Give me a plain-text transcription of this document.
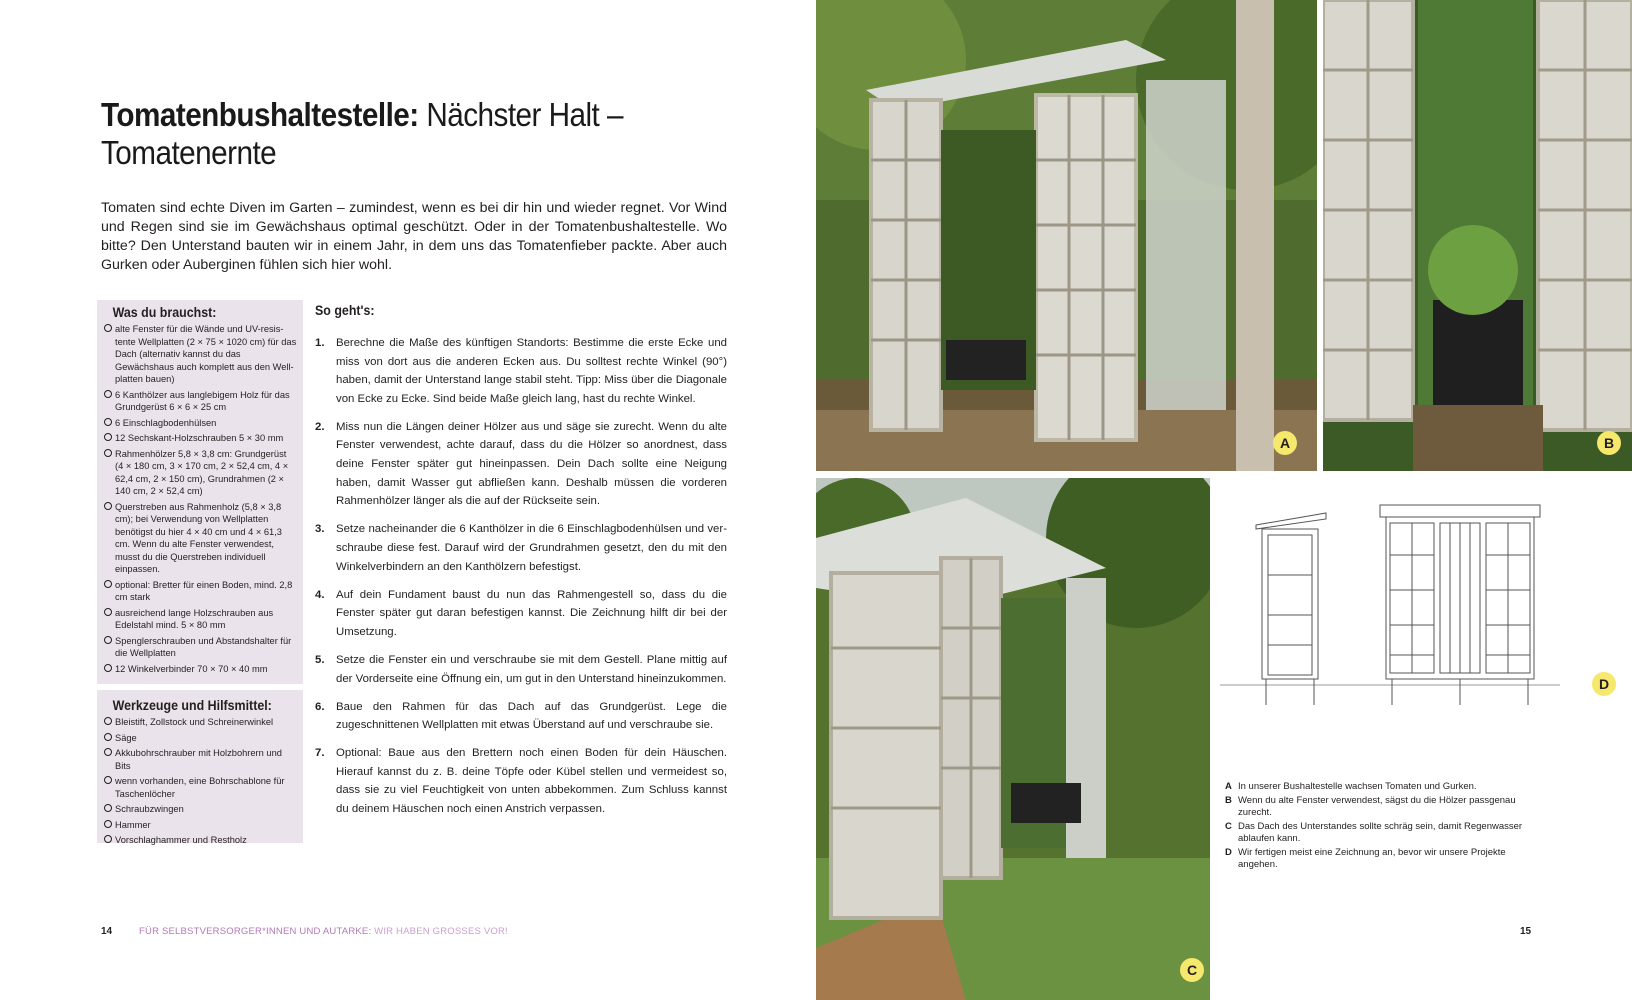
Tomatenbushaltestelle: Nächster Halt – Tomatenernte

Tomaten sind echte Diven im Garten – zumindest, wenn es bei dir hin und wieder regnet. Vor Wind und Regen sind sie im Gewächshaus optimal geschützt. Oder in der Tomatenbushaltestelle. Wo bitte? Den Unterstand bauten wir in einem Jahr, in dem uns das Tomatenfieber packte. Aber auch Gurken oder Auberginen fühlen sich hier wohl.

Was du brauchst:
alte Fenster für die Wände und UV-resistente Wellplatten (2 × 75 × 1020 cm) für das Dach (alternativ kannst du das Gewächshaus auch komplett aus den Wellplatten bauen)
6 Kanthölzer aus langlebigem Holz für das Grundgerüst 6 × 6 × 25 cm
6 Einschlagbodenhülsen
12 Sechskant-Holzschrauben 5 × 30 mm
Rahmenhölzer 5,8 × 3,8 cm: Grundgerüst (4 × 180 cm, 3 × 170 cm, 2 × 52,4 cm, 4 × 62,4 cm, 2 × 150 cm), Grundrahmen (2 × 140 cm, 2 × 52,4 cm)
Querstreben aus Rahmenholz (5,8 × 3,8 cm); bei Verwendung von Wellplatten benötigst du hier 4 × 40 cm und 4 × 61,3 cm. Wenn du alte Fenster verwendest, musst du die Querstreben individuell einpassen.
optional: Bretter für einen Boden, mind. 2,8 cm stark
ausreichend lange Holzschrauben aus Edelstahl mind. 5 × 80 mm
Spenglerschrauben und Abstandshalter für die Wellplatten
12 Winkelverbinder 70 × 70 × 40 mm
Werkzeuge und Hilfsmittel:
Bleistift, Zollstock und Schreinerwinkel
Säge
Akkubohrschrauber mit Holzbohrern und Bits
wenn vorhanden, eine Bohrschablone für Taschenlöcher
Schraubzwingen
Hammer
Vorschlaghammer und Restholz
So geht's:
1. Berechne die Maße des künftigen Standorts: Bestimme die erste Ecke und miss von dort aus die anderen Ecken aus. Du solltest rechte Winkel (90°) haben, damit der Unterstand lange stabil steht. Tipp: Miss über die Diagonale von Ecke zu Ecke. Sind beide Maße gleich lang, hast du rechte Winkel.
2. Miss nun die Längen deiner Hölzer aus und säge sie zurecht. Wenn du alte Fenster verwendest, achte darauf, dass du die Hölzer so anordnest, dass deine Fenster später gut hineinpassen. Dein Dach sollte eine Neigung haben, damit Wasser gut abfließen kann. Deshalb müssen die vorderen Rahmenhölzer länger als die auf der Rückseite sein.
3. Setze nacheinander die 6 Kanthölzer in die 6 Einschlagbodenhülsen und verschraube diese fest. Darauf wird der Grundrahmen gesetzt, den du mit den Winkelverbindern an den Kanthölzern befestigst.
4. Auf dein Fundament baust du nun das Rahmengestell so, dass du die Fenster später gut daran befestigen kannst. Die Zeichnung hilft dir bei der Umsetzung.
5. Setze die Fenster ein und verschraube sie mit dem Gestell. Plane mittig auf der Vorderseite eine Öffnung ein, um gut in den Unterstand hineinzukommen.
6. Baue den Rahmen für das Dach auf das Grundgerüst. Lege die zugeschnittenen Wellplatten mit etwas Überstand auf und verschraube sie.
7. Optional: Baue aus den Brettern noch einen Boden für dein Häuschen. Hierauf kannst du z. B. deine Töpfe oder Kübel stellen und vermeidest so, dass sie zu viel Feuchtigkeit von unten abbekommen. Zum Schluss kannst du deinem Häuschen noch einen Anstrich verpassen.
14	FÜR SELBSTVERSORGER*INNEN UND AUTARKE: WIR HABEN GROSSES VOR!
A	B
C
D
A In unserer Bushaltestelle wachsen Tomaten und Gurken.
B Wenn du alte Fenster verwendest, sägst du die Hölzer passgenau zurecht.
C Das Dach des Unterstandes sollte schräg sein, damit Regenwasser ablaufen kann.
D Wir fertigen meist eine Zeichnung an, bevor wir unsere Projekte angehen.
15
